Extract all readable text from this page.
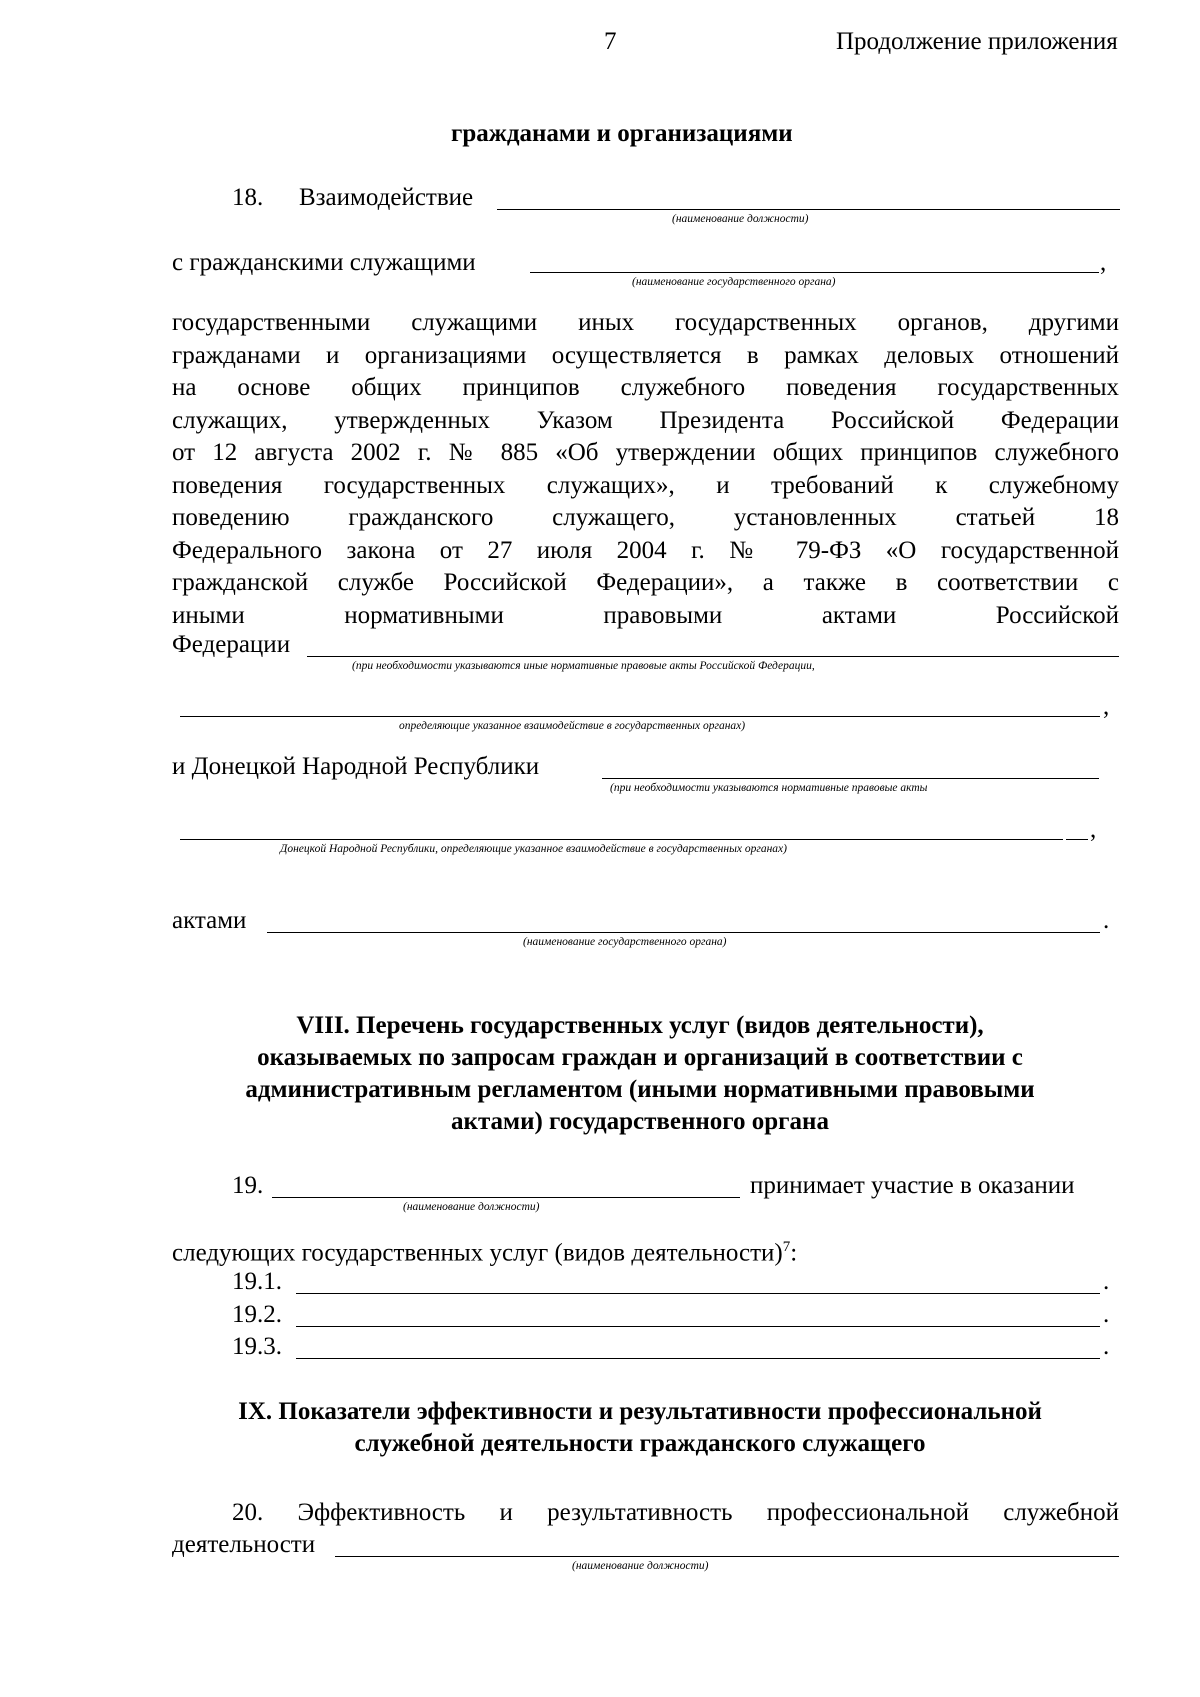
7	Продолжение приложения
гражданами и организациями
18. Взаимодействие
(наименование должности)
с гражданскими служащими	,
(наименование государственного органа)
государственными служащими иных государственных органов, другими
гражданами и организациями осуществляется в рамках деловых отношений
на основе общих принципов служебного поведения государственных
служащих, утвержденных Указом Президента Российской Федерации
от 12 августа 2002 г. № 885 «Об утверждении общих принципов служебного
поведения государственных служащих», и требований к служебному
поведению гражданского служащего, установленных статьей 18
Федерального закона от 27 июля 2004 г. № 79-ФЗ «О государственной
гражданской службе Российской Федерации», а также в соответствии с
иными нормативными правовыми актами Российской
Федерации
(при необходимости указываются иные нормативные правовые акты Российской Федерации,
,
определяющие указанное взаимодействие в государственных органах)
и Донецкой Народной Республики
(при необходимости указываются нормативные правовые акты
,
Донецкой Народной Республики, определяющие указанное взаимодействие в государственных органах)
актами	.
(наименование государственного органа)
VIII. Перечень государственных услуг (видов деятельности),
оказываемых по запросам граждан и организаций в соответствии с
административным регламентом (иными нормативными правовыми
актами) государственного органа
19.
(наименование должности)
принимает участие в оказании
следующих государственных услуг (видов деятельности)$^7$:
19.1.	.
19.2.	.
19.3.	.
IX. Показатели эффективности и результативности профессиональной
служебной деятельности гражданского служащего
20. Эффективность и результативность профессиональной служебной
деятельности
(наименование должности)
